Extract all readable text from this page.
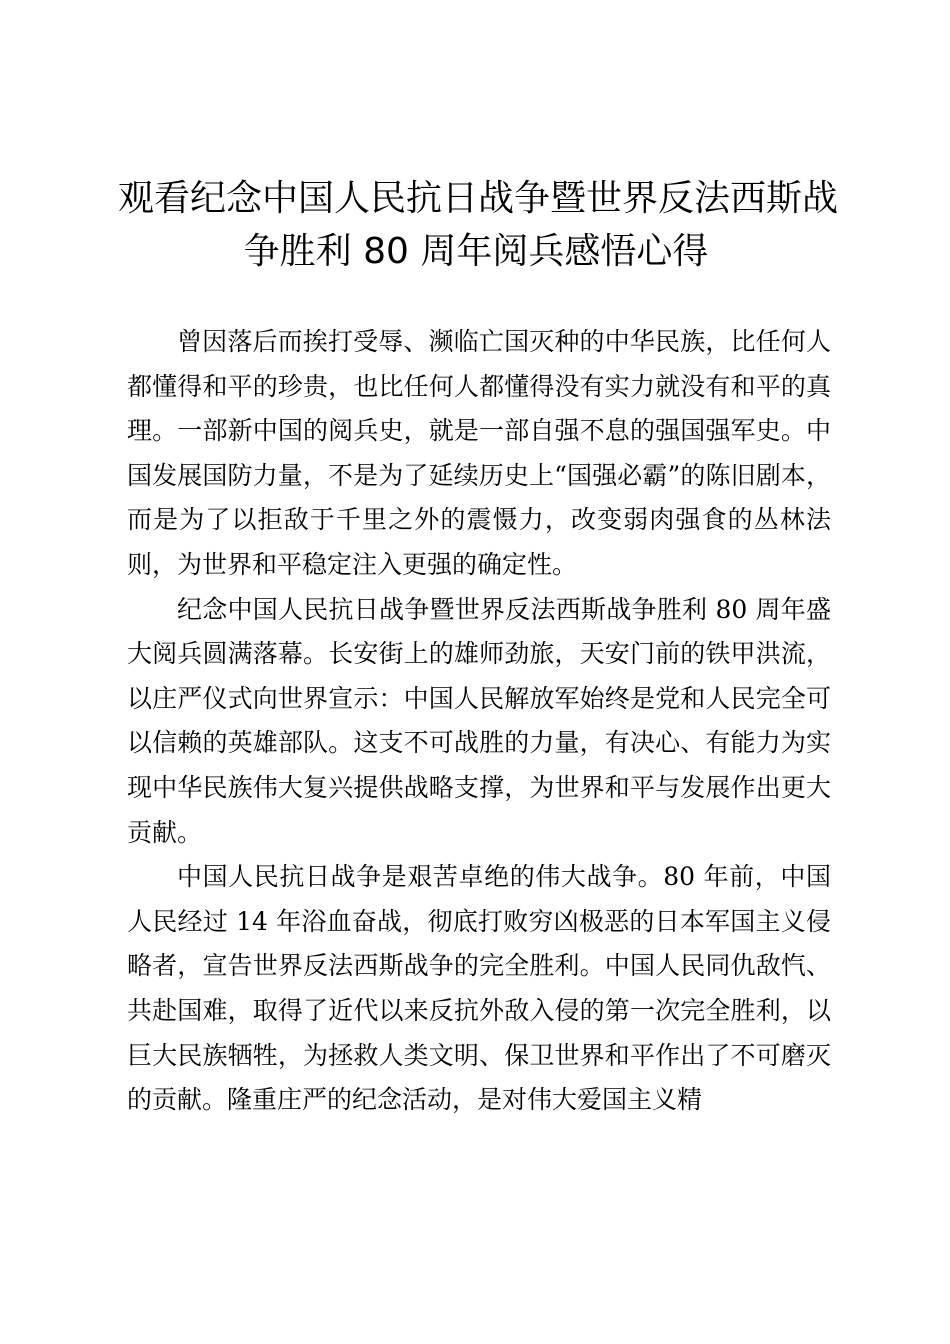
观看纪念中国人民抗日战争暨世界反法西斯战
争胜利 80 周年阅兵感悟心得

曾因落后而挨打受辱、濒临亡国灭种的中华民族，比任何人都懂得和平的珍贵，也比任何人都懂得没有实力就没有和平的真理。一部新中国的阅兵史，就是一部自强不息的强国强军史。中国发展国防力量，不是为了延续历史上“国强必霸”的陈旧剧本，而是为了以拒敌于千里之外的震慑力，改变弱肉强食的丛林法则，为世界和平稳定注入更强的确定性。

纪念中国人民抗日战争暨世界反法西斯战争胜利 80 周年盛大阅兵圆满落幕。长安街上的雄师劲旅，天安门前的铁甲洪流，以庄严仪式向世界宣示：中国人民解放军始终是党和人民完全可以信赖的英雄部队。这支不可战胜的力量，有决心、有能力为实现中华民族伟大复兴提供战略支撑，为世界和平与发展作出更大贡献。

中国人民抗日战争是艰苦卓绝的伟大战争。80 年前，中国人民经过 14 年浴血奋战，彻底打败穷凶极恶的日本军国主义侵略者，宣告世界反法西斯战争的完全胜利。中国人民同仇敌忾、共赴国难，取得了近代以来反抗外敌入侵的第一次完全胜利，以巨大民族牺牲，为拯救人类文明、保卫世界和平作出了不可磨灭的贡献。隆重庄严的纪念活动，是对伟大爱国主义精
